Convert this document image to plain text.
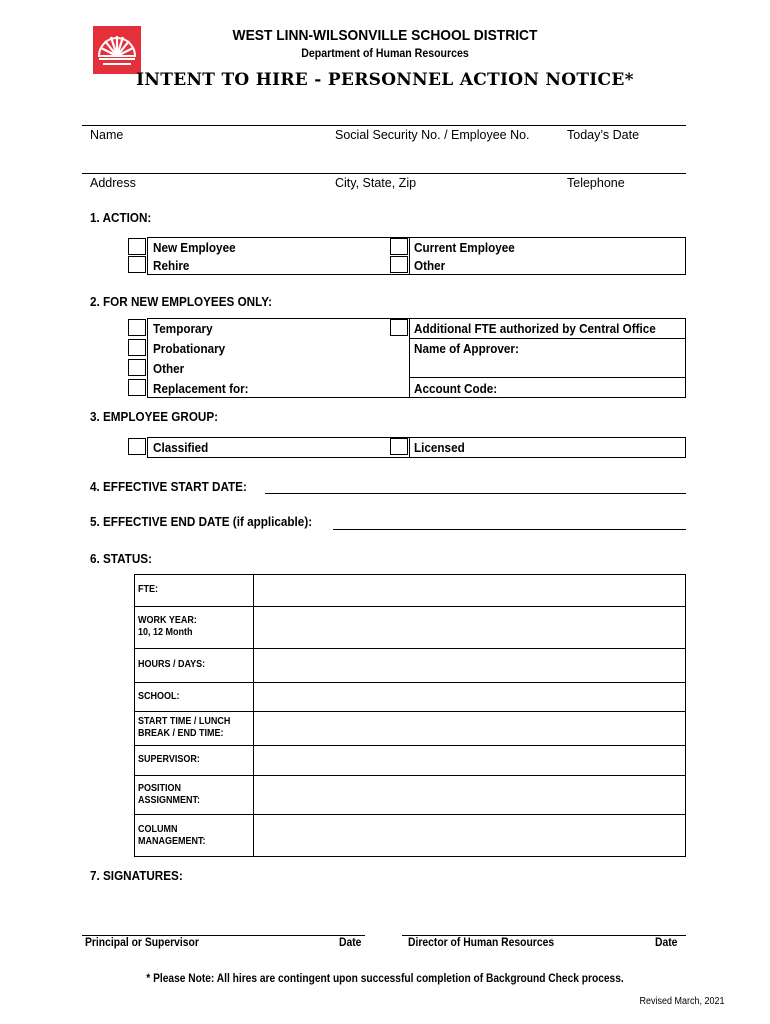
WEST LINN-WILSONVILLE SCHOOL DISTRICT
Department of Human Resources
INTENT TO HIRE - PERSONNEL ACTION NOTICE*
Name	Social Security No. / Employee No.	Today’s Date
Address	City, State, Zip	Telephone
1. ACTION:
New Employee
Rehire
Current Employee
Other
2. FOR NEW EMPLOYEES ONLY:
Temporary
Probationary
Other
Replacement for:
Additional FTE authorized by Central Office
Name of Approver:
Account Code:
3. EMPLOYEE GROUP:
Classified	Licensed
4. EFFECTIVE START DATE:
5. EFFECTIVE END DATE (if applicable):
6. STATUS:
FTE:
WORK YEAR:
10, 12 Month
HOURS / DAYS:
SCHOOL:
START TIME / LUNCH
BREAK / END TIME:
SUPERVISOR:
POSITION
ASSIGNMENT:
COLUMN
MANAGEMENT:
7. SIGNATURES:
Principal or Supervisor	Date	Director of Human Resources	Date
* Please Note: All hires are contingent upon successful completion of Background Check process.
Revised March, 2021
